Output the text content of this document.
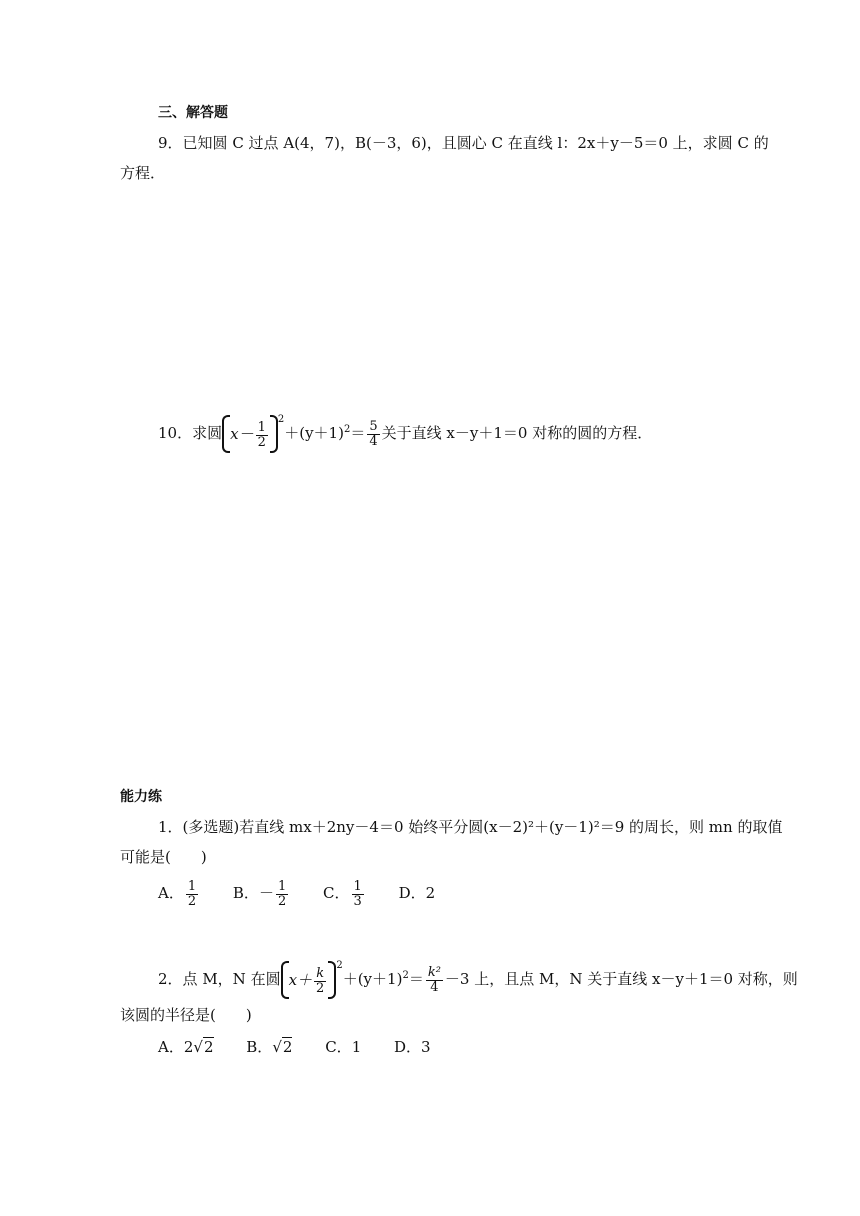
三、解答题
9．已知圆 C 过点 A(4，7)，B(－3，6)，且圆心 C 在直线 l：2x＋y－5＝0 上，求圆 C 的
方程．
10．求圆 $x- \frac{1}{2}$
$^2+(y+1)^2= \frac{5}{4}$ 关于直线 x－y＋1＝0 对称的圆的方程．
能力练
1．(多选题)若直线 mx＋2ny－4＝0 始终平分圆(x－2)²＋(y－1)²＝9 的周长，则 mn 的取值
可能是(　　)
A． $\frac{1}{2}$ B．－ $\frac{1}{2}$ C． $\frac{1}{3}$ D．2
2．点 M，N 在圆 $x+ \frac{k}{2}$
$^2+(y+1)^2= \frac{\text{k²}}{4} -3$ 上，且点 M，N 关于直线 x－y＋1＝0 对称，则
该圆的半径是(　　)
A．2√2 B．√2 C．1 D．3
